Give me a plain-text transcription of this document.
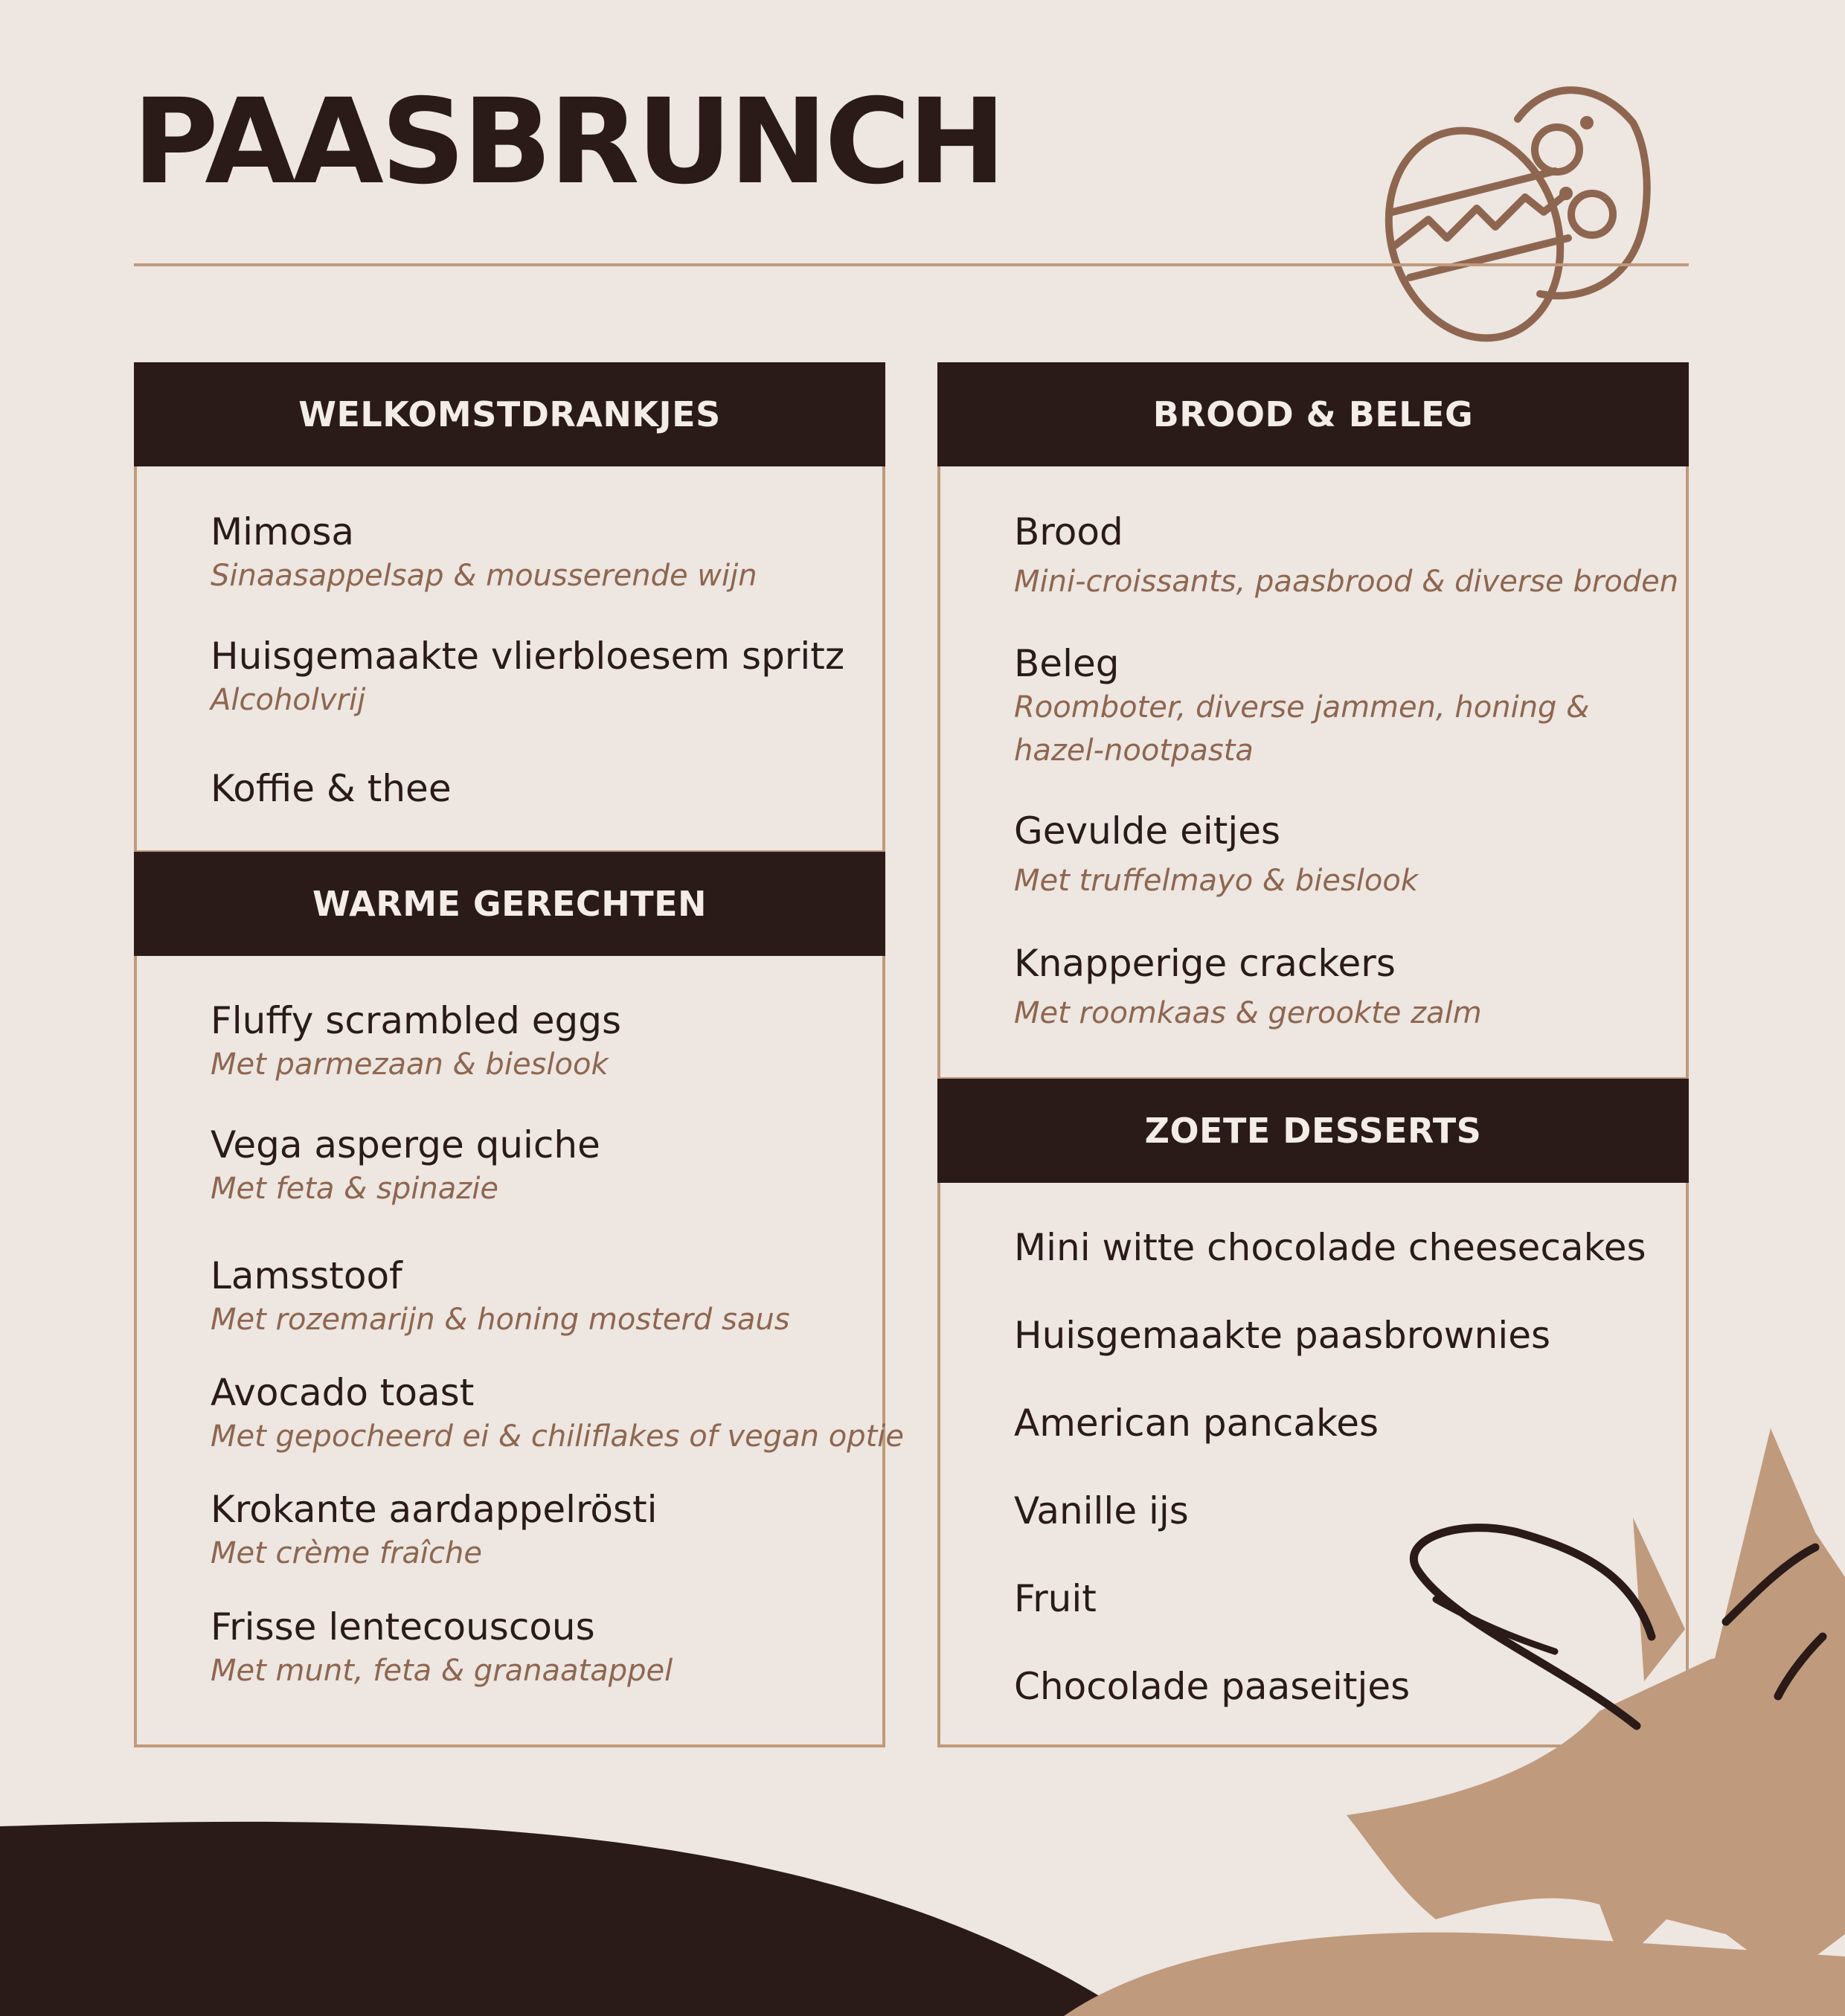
PAASBRUNCH
WELKOMSTDRANKJES
WARME GERECHTEN
BROOD & BELEG
ZOETE DESSERTS
Mimosa
Sinaasappelsap & mousserende wijn
Huisgemaakte vlierbloesem spritz
Alcoholvrij
Koffie & thee
Fluffy scrambled eggs
Met parmezaan & bieslook
Vega asperge quiche
Met feta & spinazie
Lamsstoof
Met rozemarijn & honing mosterd saus
Avocado toast
Met gepocheerd ei & chiliflakes of vegan optie
Krokante aardappelrösti
Met crème fraîche
Frisse lentecouscous
Met munt, feta & granaatappel
Brood
Mini-croissants, paasbrood & diverse broden
Beleg
Roomboter, diverse jammen, honing & hazel-nootpasta
Gevulde eitjes
Met truffelmayo & bieslook
Knapperige crackers
Met roomkaas & gerookte zalm
Mini witte chocolade cheesecakes
Huisgemaakte paasbrownies
American pancakes
Vanille ijs
Fruit
Chocolade paaseitjes
